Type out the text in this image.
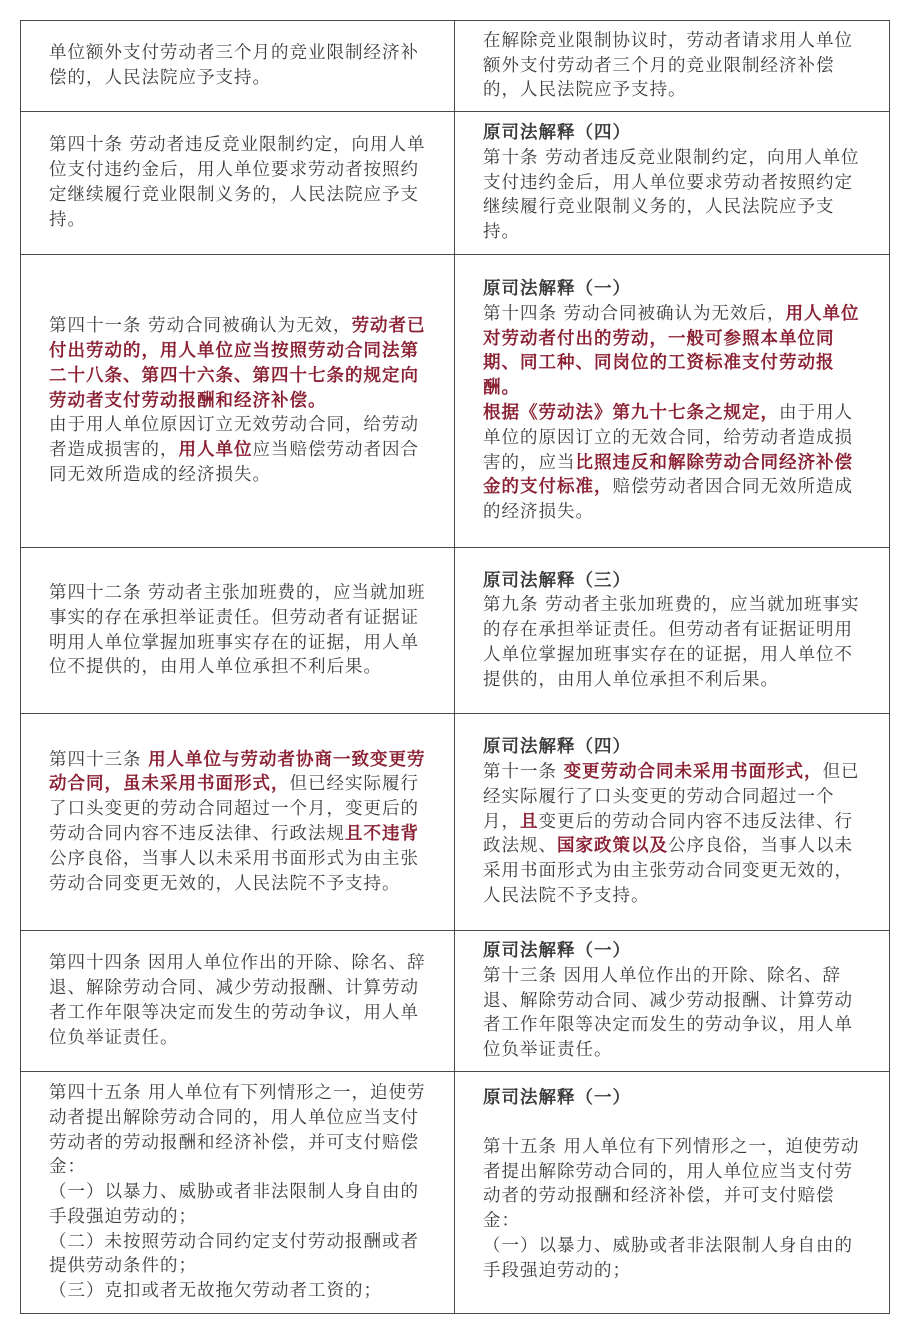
单位额外支付劳动者三个月的竞业限制经济补偿的，人民法院应予支持。

在解除竞业限制协议时，劳动者请求用人单位额外支付劳动者三个月的竞业限制经济补偿的，人民法院应予支持。

第四十条 劳动者违反竞业限制约定，向用人单位支付违约金后，用人单位要求劳动者按照约定继续履行竞业限制义务的，人民法院应予支持。

原司法解释（四）

第十条 劳动者违反竞业限制约定，向用人单位支付违约金后，用人单位要求劳动者按照约定继续履行竞业限制义务的，人民法院应予支持。

第四十一条 劳动合同被确认为无效，劳动者已付出劳动的，用人单位应当按照劳动合同法第二十八条、第四十六条、第四十七条的规定向劳动者支付劳动报酬和经济补偿。

由于用人单位原因订立无效劳动合同，给劳动者造成损害的，用人单位应当赔偿劳动者因合同无效所造成的经济损失。

原司法解释（一）

第十四条 劳动合同被确认为无效后，用人单位对劳动者付出的劳动，一般可参照本单位同期、同工种、同岗位的工资标准支付劳动报酬。

根据《劳动法》第九十七条之规定，由于用人单位的原因订立的无效合同，给劳动者造成损害的，应当比照违反和解除劳动合同经济补偿金的支付标准，赔偿劳动者因合同无效所造成的经济损失。

第四十二条 劳动者主张加班费的，应当就加班事实的存在承担举证责任。但劳动者有证据证明用人单位掌握加班事实存在的证据，用人单位不提供的，由用人单位承担不利后果。

原司法解释（三）

第九条 劳动者主张加班费的，应当就加班事实的存在承担举证责任。但劳动者有证据证明用人单位掌握加班事实存在的证据，用人单位不提供的，由用人单位承担不利后果。

第四十三条 用人单位与劳动者协商一致变更劳动合同，虽未采用书面形式，但已经实际履行了口头变更的劳动合同超过一个月，变更后的劳动合同内容不违反法律、行政法规且不违背公序良俗，当事人以未采用书面形式为由主张劳动合同变更无效的，人民法院不予支持。

原司法解释（四）

第十一条 变更劳动合同未采用书面形式，但已经实际履行了口头变更的劳动合同超过一个月，且变更后的劳动合同内容不违反法律、行政法规、国家政策以及公序良俗，当事人以未采用书面形式为由主张劳动合同变更无效的，人民法院不予支持。

第四十四条 因用人单位作出的开除、除名、辞退、解除劳动合同、减少劳动报酬、计算劳动者工作年限等决定而发生的劳动争议，用人单位负举证责任。

原司法解释（一）

第十三条 因用人单位作出的开除、除名、辞退、解除劳动合同、减少劳动报酬、计算劳动者工作年限等决定而发生的劳动争议，用人单位负举证责任。

第四十五条 用人单位有下列情形之一，迫使劳动者提出解除劳动合同的，用人单位应当支付劳动者的劳动报酬和经济补偿，并可支付赔偿金：

（一）以暴力、威胁或者非法限制人身自由的手段强迫劳动的；

（二）未按照劳动合同约定支付劳动报酬或者提供劳动条件的；

（三）克扣或者无故拖欠劳动者工资的；

原司法解释（一）

第十五条 用人单位有下列情形之一，迫使劳动者提出解除劳动合同的，用人单位应当支付劳动者的劳动报酬和经济补偿，并可支付赔偿金：

（一）以暴力、威胁或者非法限制人身自由的手段强迫劳动的；
